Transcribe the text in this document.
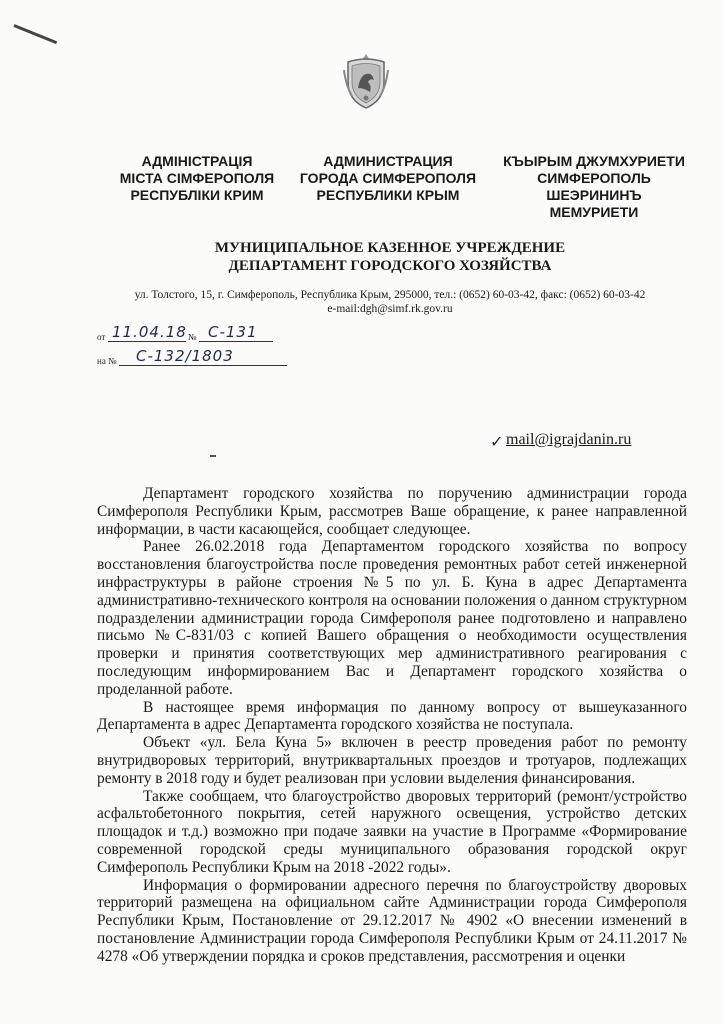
АДМІНІСТРАЦІЯ
МІСТА СІМФЕРОПОЛЯ
РЕСПУБЛІКИ КРИМ
АДМИНИСТРАЦИЯ
ГОРОДА СИМФЕРОПОЛЯ
РЕСПУБЛИКИ КРЫМ
КЪЫРЫМ ДЖУМХУРИЕТИ
СИМФЕРОПОЛЬ
ШЕЭРИНИНЪ
МЕМУРИЕТИ
МУНИЦИПАЛЬНОЕ КАЗЕННОЕ УЧРЕЖДЕНИЕ
ДЕПАРТАМЕНТ ГОРОДСКОГО ХОЗЯЙСТВА
ул. Толстого, 15, г. Симферополь, Республика Крым, 295000, тел.: (0652) 60-03-42, факс: (0652) 60-03-42
e-mail:dgh@simf.rk.gov.ru
от	№
11.04.18 С-131
на №	С-132/1803
✓ mail@igrajdanin.ru

Департамент городского хозяйства по поручению администрации города Симферополя Республики Крым, рассмотрев Ваше обращение, к ранее направленной информации, в части касающейся, сообщает следующее.

Ранее 26.02.2018 года Департаментом городского хозяйства по вопросу восстановления благоустройства после проведения ремонтных работ сетей инженерной инфраструктуры в районе строения №5 по ул. Б. Куна в адрес Департамента административно-технического контроля на основании положения о данном структурном подразделении администрации города Симферополя ранее подготовлено и направлено письмо №С-831/03 с копией Вашего обращения о необходимости осуществления проверки и принятия соответствующих мер административного реагирования с последующим информированием Вас и Департамент городского хозяйства о проделанной работе.

В настоящее время информация по данному вопросу от вышеуказанного Департамента в адрес Департамента городского хозяйства не поступала.

Объект «ул. Бела Куна 5» включен в реестр проведения работ по ремонту внутридворовых территорий, внутриквартальных проездов и тротуаров, подлежащих ремонту в 2018 году и будет реализован при условии выделения финансирования.

Также сообщаем, что благоустройство дворовых территорий (ремонт/устройство асфальтобетонного покрытия, сетей наружного освещения, устройство детских площадок и т.д.) возможно при подаче заявки на участие в Программе «Формирование современной городской среды муниципального образования городской округ Симферополь Республики Крым на 2018 -2022 годы».

Информация о формировании адресного перечня по благоустройству дворовых территорий размещена на официальном сайте Администрации города Симферополя Республики Крым, Постановление от 29.12.2017 № 4902 «О внесении изменений в постановление Администрации города Симферополя Республики Крым от 24.11.2017 № 4278 «Об утверждении порядка и сроков представления, рассмотрения и оценки
